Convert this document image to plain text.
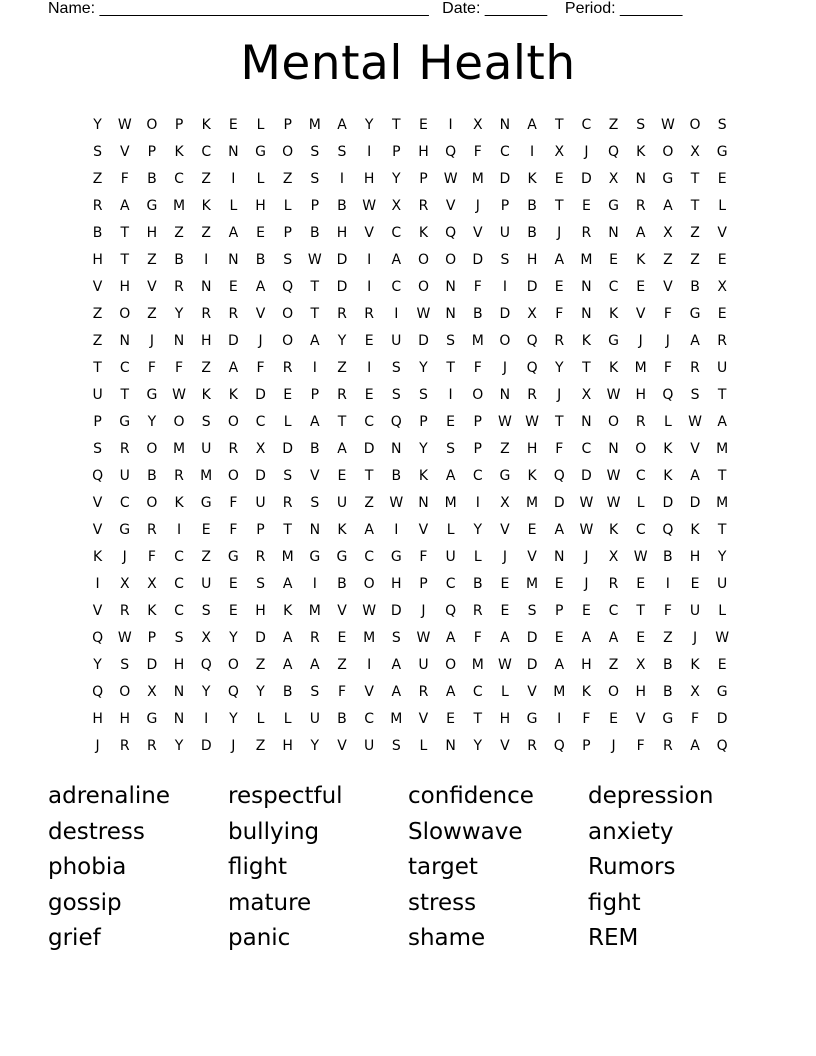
Name: _____________________________________   Date: _______    Period: _______
Mental Health
Y	W	O	P	K	E	L	P	M	A	Y	T	E	I	X	N	A	T	C	Z	S	W	O	S
S	V	P	K	C	N	G	O	S	S	I	P	H	Q	F	C	I	X	J	Q	K	O	X	G
Z	F	B	C	Z	I	L	Z	S	I	H	Y	P	W	M	D	K	E	D	X	N	G	T	E
R	A	G	M	K	L	H	L	P	B	W	X	R	V	J	P	B	T	E	G	R	A	T	L
B	T	H	Z	Z	A	E	P	B	H	V	C	K	Q	V	U	B	J	R	N	A	X	Z	V
H	T	Z	B	I	N	B	S	W	D	I	A	O	O	D	S	H	A	M	E	K	Z	Z	E
V	H	V	R	N	E	A	Q	T	D	I	C	O	N	F	I	D	E	N	C	E	V	B	X
Z	O	Z	Y	R	R	V	O	T	R	R	I	W	N	B	D	X	F	N	K	V	F	G	E
Z	N	J	N	H	D	J	O	A	Y	E	U	D	S	M	O	Q	R	K	G	J	J	A	R
T	C	F	F	Z	A	F	R	I	Z	I	S	Y	T	F	J	Q	Y	T	K	M	F	R	U
U	T	G	W	K	K	D	E	P	R	E	S	S	I	O	N	R	J	X	W	H	Q	S	T
P	G	Y	O	S	O	C	L	A	T	C	Q	P	E	P	W W	T	N	O	R	L	W	A
S	R	O	M	U	R	X	D	B	A	D	N	Y	S	P	Z	H	F	C	N	O	K	V	M
Q	U	B	R	M	O	D	S	V	E	T	B	K	A	C	G	K	Q	D	W	C	K	A	T
V	C	O	K	G	F	U	R	S	U	Z	W	N	M	I	X	M	D	W W	L	D	D	M
V	G	R	I	E	F	P	T	N	K	A	I	V	L	Y	V	E	A	W	K	C	Q	K	T
K	J	F	C	Z	G	R	M	G	G	C	G	F	U	L	J	V	N	J	X	W	B	H	Y
I	X	X	C	U	E	S	A	I	B	O	H	P	C	B	E	M	E	J	R	E	I	E	U
V	R	K	C	S	E	H	K	M	V	W	D	J	Q	R	E	S	P	E	C	T	F	U	L
Q	W	P	S	X	Y	D	A	R	E	M	S	W	A	F	A	D	E	A	A	E	Z	J	W
Y	S	D	H	Q	O	Z	A	A	Z	I	A	U	O	M	W	D	A	H	Z	X	B	K	E
Q	O	X	N	Y	Q	Y	B	S	F	V	A	R	A	C	L	V	M	K	O	H	B	X	G
H	H	G	N	I	Y	L	L	U	B	C	M	V	E	T	H	G	I	F	E	V	G	F	D
J	R	R	Y	D	J	Z	H	Y	V	U	S	L	N	Y	V	R	Q	P	J	F	R	A	Q
adrenaline	respectful	confidence	depression
destress	bullying	Slowwave	anxiety
phobia	flight	target	Rumors
gossip	mature	stress	fight
grief	panic	shame	REM
